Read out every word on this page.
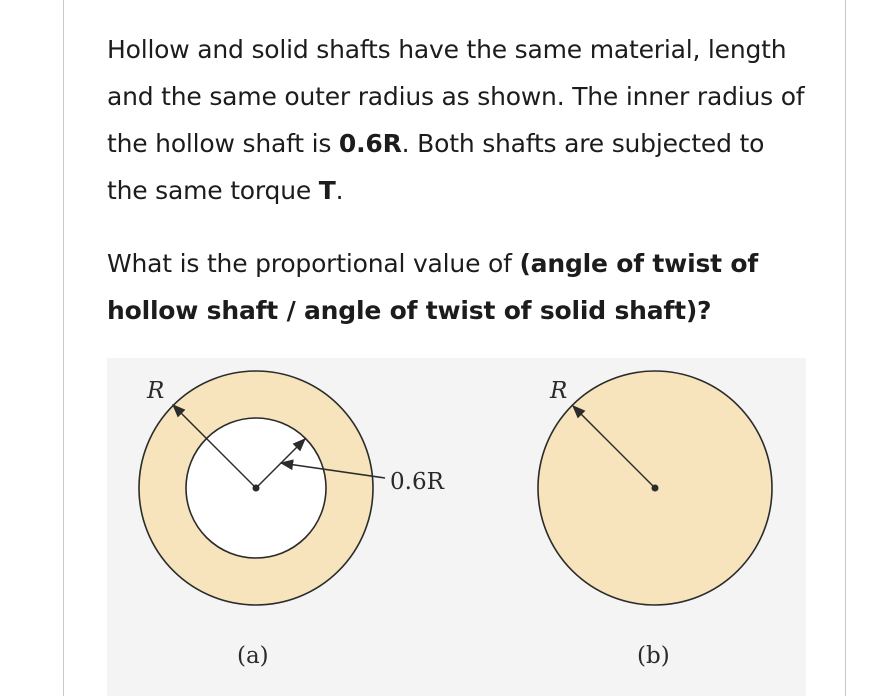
Hollow and solid shafts have the same material, length and the same outer radius as shown. The inner radius of the hollow shaft is 0.6R. Both shafts are subjected to the same torque T.

What is the proportional value of (angle of twist of hollow shaft / angle of twist of solid shaft)?

R
0.6R
(a)
R
(b)
